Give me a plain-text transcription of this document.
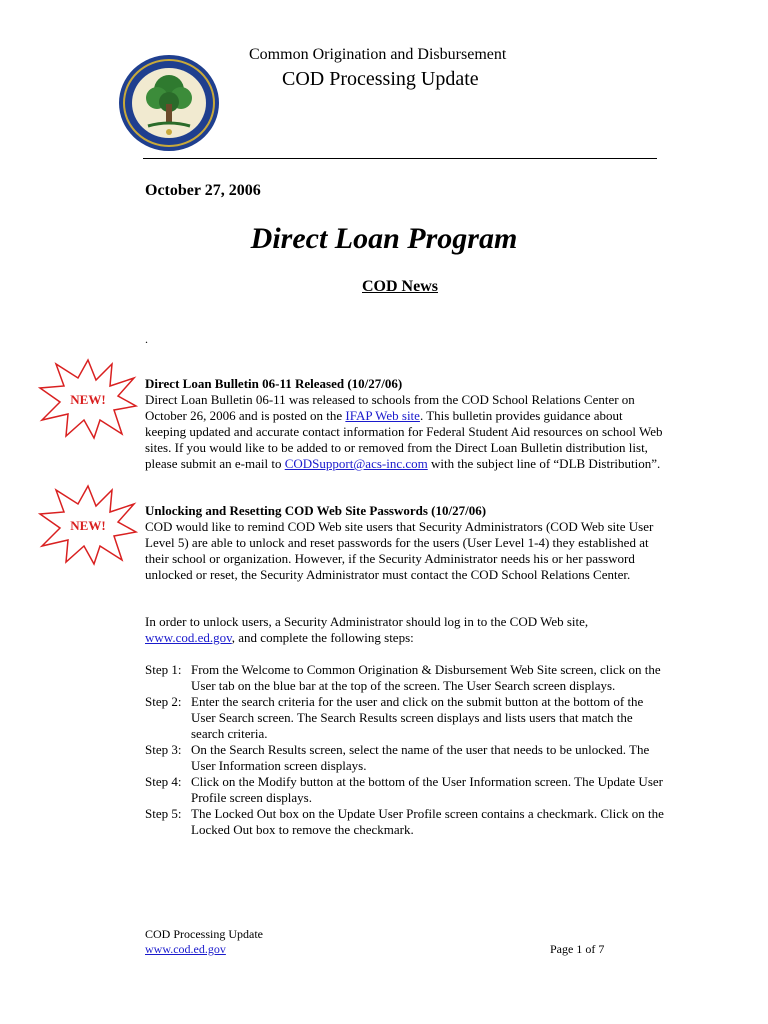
Common Origination and Disbursement
COD Processing Update
October 27, 2006
Direct Loan Program
COD News
.
NEW!
NEW!
Direct Loan Bulletin 06-11 Released (10/27/06)
Direct Loan Bulletin 06-11 was released to schools from the COD School Relations Center on October 26, 2006 and is posted on the IFAP Web site. This bulletin provides guidance about keeping updated and accurate contact information for Federal Student Aid resources on school Web sites. If you would like to be added to or removed from the Direct Loan Bulletin distribution list, please submit an e-mail to CODSupport@acs-inc.com with the subject line of “DLB Distribution”.
Unlocking and Resetting COD Web Site Passwords (10/27/06)
COD would like to remind COD Web site users that Security Administrators (COD Web site User Level 5) are able to unlock and reset passwords for the users (User Level 1-4) they established at their school or organization. However, if the Security Administrator needs his or her password unlocked or reset, the Security Administrator must contact the COD School Relations Center.
In order to unlock users, a Security Administrator should log in to the COD Web site, www.cod.ed.gov, and complete the following steps:
Step 1: From the Welcome to Common Origination & Disbursement Web Site screen, click on the User tab on the blue bar at the top of the screen. The User Search screen displays.
Step 2: Enter the search criteria for the user and click on the submit button at the bottom of the User Search screen. The Search Results screen displays and lists users that match the search criteria.
Step 3: On the Search Results screen, select the name of the user that needs to be unlocked. The User Information screen displays.
Step 4: Click on the Modify button at the bottom of the User Information screen. The Update User Profile screen displays.
Step 5: The Locked Out box on the Update User Profile screen contains a checkmark. Click on the Locked Out box to remove the checkmark.
COD Processing Update
www.cod.ed.gov	Page 1 of 7
